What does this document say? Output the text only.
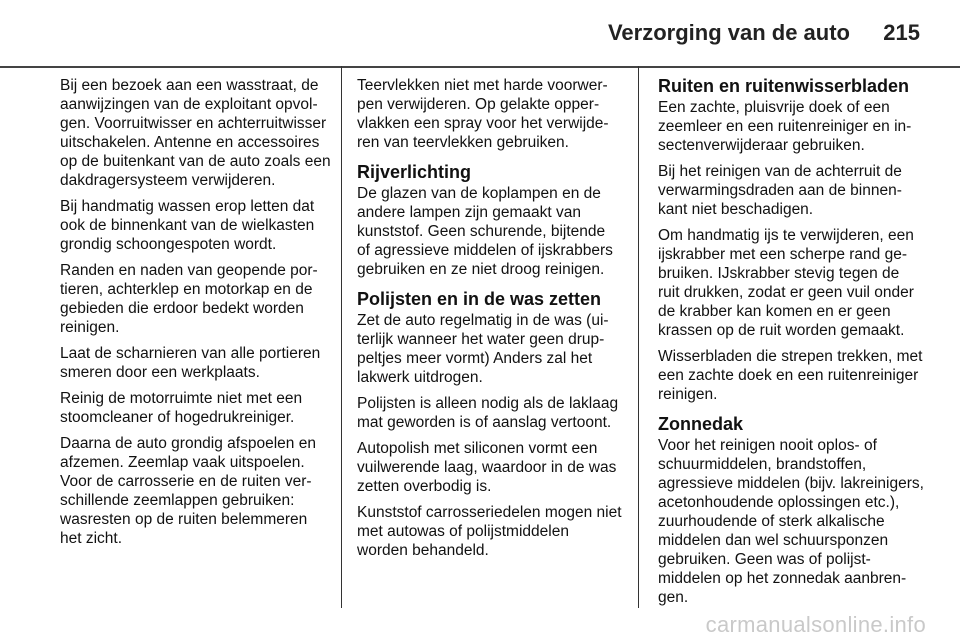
Verzorging van de auto 215

Bij een bezoek aan een wasstraat, de aanwijzingen van de exploitant opvolgen. Voorruitwisser en achterruitwisser uitschakelen. Antenne en accessoires op de buitenkant van de auto zoals een dakdragersysteem verwijderen.

Bij handmatig wassen erop letten dat ook de binnenkant van de wielkasten grondig schoongespoten wordt.

Randen en naden van geopende portieren, achterklep en motorkap en de gebieden die erdoor bedekt worden reinigen.

Laat de scharnieren van alle portieren smeren door een werkplaats.

Reinig de motorruimte niet met een stoomcleaner of hogedrukreiniger.

Daarna de auto grondig afspoelen en afzemen. Zeemlap vaak uitspoelen. Voor de carrosserie en de ruiten verschillende zeemlappen gebruiken: wasresten op de ruiten belemmeren het zicht.

Teervlekken niet met harde voorwerpen verwijderen. Op gelakte oppervlakken een spray voor het verwijderen van teervlekken gebruiken.

Rijverlichting

De glazen van de koplampen en de andere lampen zijn gemaakt van kunststof. Geen schurende, bijtende of agressieve middelen of ijskrabbers gebruiken en ze niet droog reinigen.

Polijsten en in de was zetten

Zet de auto regelmatig in de was (uiterlijk wanneer het water geen druppeltjes meer vormt) Anders zal het lakwerk uitdrogen.

Polijsten is alleen nodig als de laklaag mat geworden is of aanslag vertoont.

Autopolish met siliconen vormt een vuilwerende laag, waardoor in de was zetten overbodig is.

Kunststof carrosseriedelen mogen niet met autowas of polijstmiddelen worden behandeld.

Ruiten en ruitenwisserbladen

Een zachte, pluisvrije doek of een zeemleer en een ruitenreiniger en insectenverwijderaar gebruiken.

Bij het reinigen van de achterruit de verwarmingsdraden aan de binnenkant niet beschadigen.

Om handmatig ijs te verwijderen, een ijskrabber met een scherpe rand gebruiken. IJskrabber stevig tegen de ruit drukken, zodat er geen vuil onder de krabber kan komen en er geen krassen op de ruit worden gemaakt.

Wisserbladen die strepen trekken, met een zachte doek en een ruitenreiniger reinigen.

Zonnedak

Voor het reinigen nooit oplos- of schuurmiddelen, brandstoffen, agressieve middelen (bijv. lakreinigers, acetonhoudende oplossingen etc.), zuurhoudende of sterk alkalische middelen dan wel schuursponzen gebruiken. Geen was of polijstmiddelen op het zonnedak aanbrengen.

carmanualsonline.info
